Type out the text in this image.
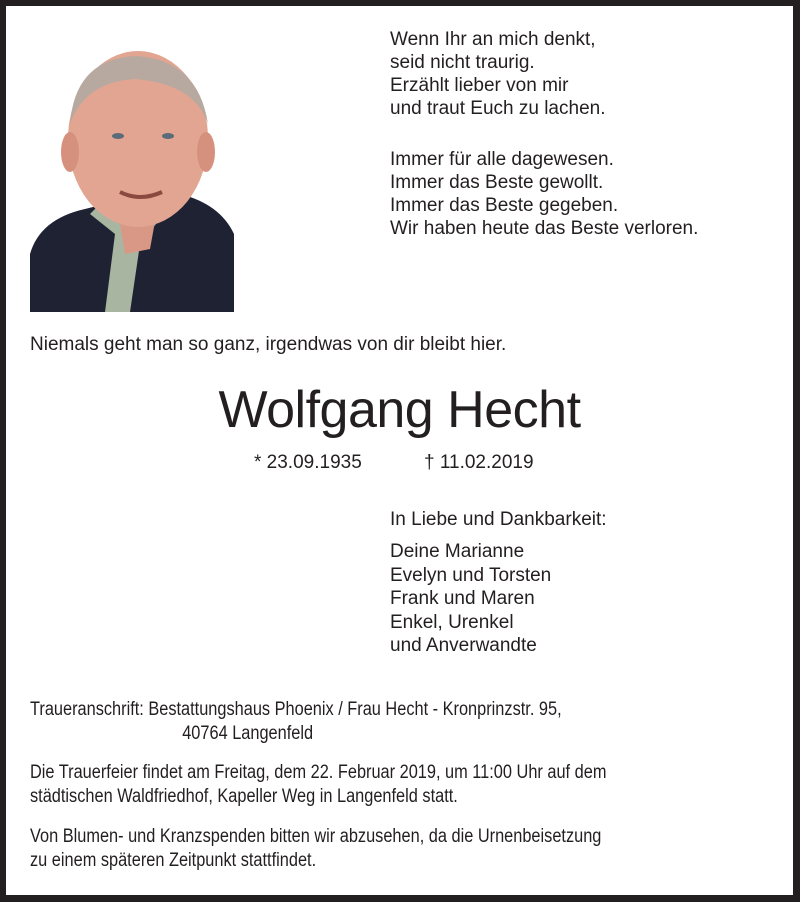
Wenn Ihr an mich denkt,
seid nicht traurig.
Erzählt lieber von mir
und traut Euch zu lachen.
Immer für alle dagewesen.
Immer das Beste gewollt.
Immer das Beste gegeben.
Wir haben heute das Beste verloren.
Niemals geht man so ganz, irgendwas von dir bleibt hier.
Wolfgang Hecht
* 23.09.1935	† 11.02.2019
In Liebe und Dankbarkeit:
Deine Marianne
Evelyn und Torsten
Frank und Maren
Enkel, Urenkel
und Anverwandte
Traueranschrift: Bestattungshaus Phoenix / Frau Hecht - Kronprinzstr. 95,
40764 Langenfeld
Die Trauerfeier findet am Freitag, dem 22. Februar 2019, um 11:00 Uhr auf dem
städtischen Waldfriedhof, Kapeller Weg in Langenfeld statt.
Von Blumen- und Kranzspenden bitten wir abzusehen, da die Urnenbeisetzung
zu einem späteren Zeitpunkt stattfindet.
